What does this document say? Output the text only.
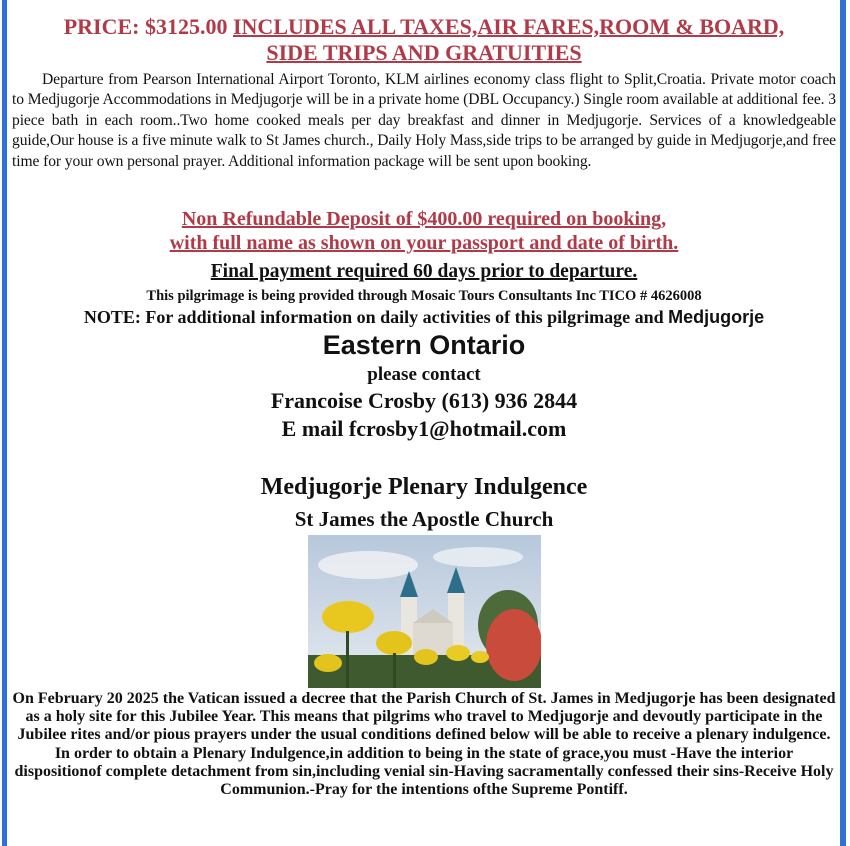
PRICE: $3125.00 INCLUDES ALL TAXES,AIR FARES,ROOM & BOARD,
SIDE TRIPS AND GRATUITIES
Departure from Pearson International Airport Toronto, KLM airlines economy class flight to Split,Croatia. Private motor coach to Medjugorje Accommodations in Medjugorje will be in a private home (DBL Occupancy.) Single room available at additional fee. 3 piece bath in each room..Two home cooked meals per day breakfast and dinner in Medjugorje. Services of a knowledgeable guide,Our house is a five minute walk to St James church., Daily Holy Mass,side trips to be arranged by guide in Medjugorje,and free time for your own personal prayer. Additional information package will be sent upon booking.
Non Refundable Deposit of $400.00 required on booking,
with full name as shown on your passport and date of birth.
Final payment required 60 days prior to departure.
This pilgrimage is being provided through Mosaic Tours Consultants Inc TICO # 4626008
NOTE: For additional information on daily activities of this pilgrimage and Medjugorje
Eastern Ontario
please contact
Francoise Crosby (613) 936 2844
E mail fcrosby1@hotmail.com
Medjugorje Plenary Indulgence
St James the Apostle Church
On February 20 2025 the Vatican issued a decree that the Parish Church of St. James in Medjugorje has been designated as a holy site for this Jubilee Year. This means that pilgrims who travel to Medjugorje and devoutly participate in the Jubilee rites and/or pious prayers under the usual conditions defined below will be able to receive a plenary indulgence. In order to obtain a Plenary Indulgence,in addition to being in the state of grace,you must -Have the interior dispositionof complete detachment from sin,including venial sin-Having sacramentally confessed their sins-Receive Holy Communion.-Pray for the intentions ofthe Supreme Pontiff.
